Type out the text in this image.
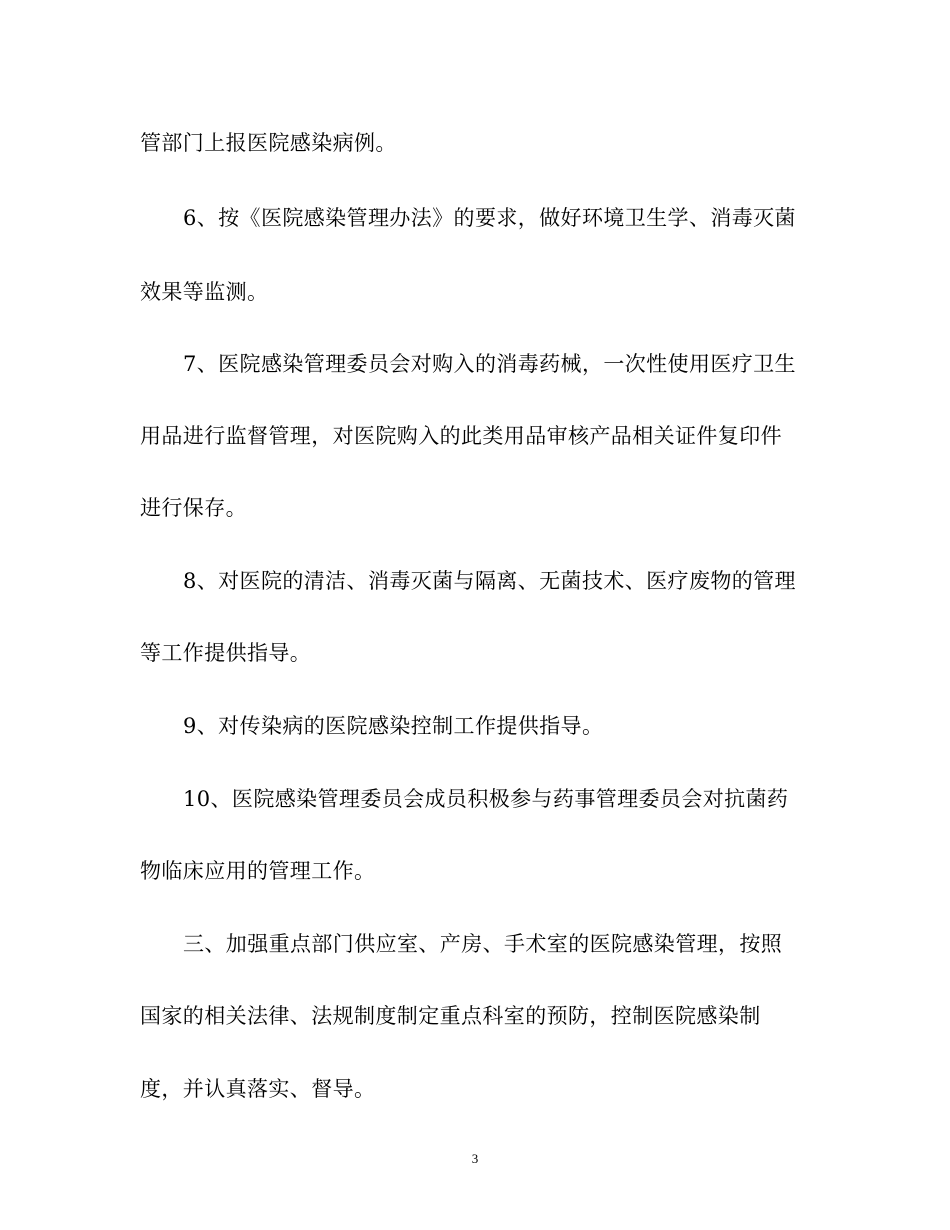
管部门上报医院感染病例。
6、按《医院感染管理办法》的要求，做好环境卫生学、消毒灭菌
效果等监测。
7、医院感染管理委员会对购入的消毒药械，一次性使用医疗卫生
用品进行监督管理，对医院购入的此类用品审核产品相关证件复印件
进行保存。
8、对医院的清洁、消毒灭菌与隔离、无菌技术、医疗废物的管理
等工作提供指导。
9、对传染病的医院感染控制工作提供指导。
10、医院感染管理委员会成员积极参与药事管理委员会对抗菌药
物临床应用的管理工作。
三、加强重点部门供应室、产房、手术室的医院感染管理，按照
国家的相关法律、法规制度制定重点科室的预防，控制医院感染制
度，并认真落实、督导。
3
